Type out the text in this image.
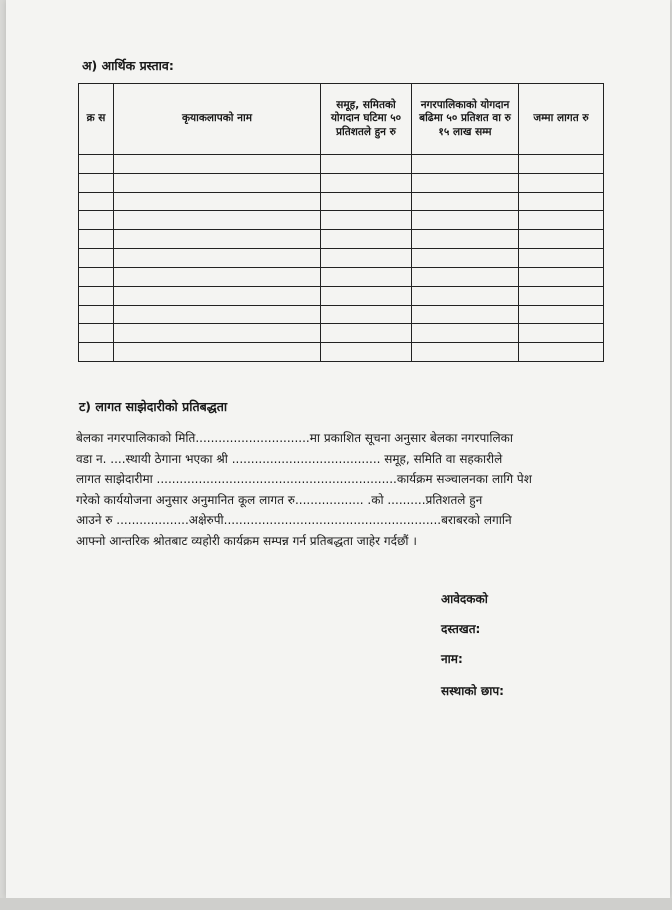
अ) आर्थिक प्रस्ताव:
क्र स	कृयाकलापको नाम	समूह, समितको योगदान घटिमा ५० प्रतिशतले हुन रु	नगरपालिकाको योगदान बढिमा ५० प्रतिशत वा रु १५ लाख सम्म	जम्मा लागत रु

ट) लागत साझेदारीको प्रतिबद्धता
बेलका नगरपालिकाको मिति..............................मा प्रकाशित सूचना अनुसार बेलका नगरपालिका
वडा न. ....स्थायी ठेगाना भएका श्री ....................................... समूह, समिति वा सहकारीले
लागत साझेदारीमा ...............................................................कार्यक्रम सञ्चालनका लागि पेश
गरेको कार्ययोजना अनुसार अनुमानित कूल लागत रु.................. .को ..........प्रतिशतले हुन
आउने रु ...................अक्षेरुपी.........................................................बराबरको लगानि
आफ्नो आन्तरिक श्रोतबाट व्यहोरी कार्यक्रम सम्पन्न गर्न प्रतिबद्धता जाहेर गर्दछौं ।
आवेदकको
दस्तखत:
नाम:
सस्थाको छाप:
